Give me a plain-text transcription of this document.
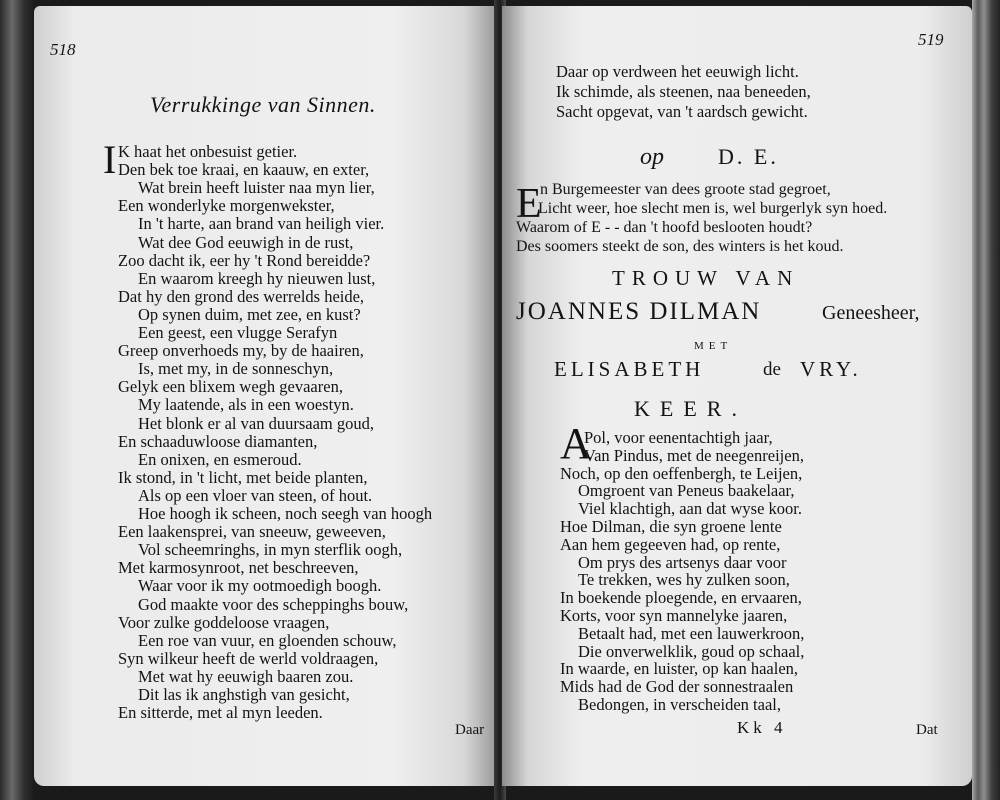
518
Verrukkinge van Sinnen.
I K haat het onbesuist getier.
Den bek toe kraai, en kaauw, en exter,
Wat brein heeft luister naa myn lier,
Een wonderlyke morgenwekster,
In 't harte, aan brand van heiligh vier.
Wat dee God eeuwigh in de rust,
Zoo dacht ik, eer hy 't Rond bereidde?
En waarom kreegh hy nieuwen lust,
Dat hy den grond des werrelds heide,
Op synen duim, met zee, en kust?
Een geest, een vlugge Serafyn
Greep onverhoeds my, by de haairen,
Is, met my, in de sonneschyn,
Gelyk een blixem wegh gevaaren,
My laatende, als in een woestyn.
Het blonk er al van duursaam goud,
En schaaduwloose diamanten,
En onixen, en esmeroud.
Ik stond, in 't licht, met beide planten,
Als op een vloer van steen, of hout.
Hoe hoogh ik scheen, noch seegh van hoogh
Een laakensprei, van sneeuw, geweeven,
Vol scheemringhs, in myn sterflik oogh,
Met karmosynroot, net beschreeven,
Waar voor ik my ootmoedigh boogh.
God maakte voor des scheppinghs bouw,
Voor zulke goddeloose vraagen,
Een roe van vuur, en gloenden schouw,
Syn wilkeur heeft de werld voldraagen,
Met wat hy eeuwigh baaren zou.
Dit las ik anghstigh van gesicht,
En sitterde, met al myn leeden.
Daar
519
Daar op verdween het eeuwigh licht.
Ik schimde, als steenen, naa beneeden,
Sacht opgevat, van 't aardsch gewicht.
op D. E.
E
n Burgemeester van dees groote stad gegroet,
Licht weer, hoe slecht men is, wel burgerlyk syn hoed.
Waarom of E - - dan 't hoofd beslooten houdt?
Des soomers steekt de son, des winters is het koud.
TROUW VAN
JOANNES DILMAN	Geneesheer,
MET
ELISABETH	de VRY.
KEER.
A
Pol, voor eenentachtigh jaar,
Van Pindus, met de neegenreijen,
Noch, op den oeffenbergh, te Leijen,
Omgroent van Peneus baakelaar,
Viel klachtigh, aan dat wyse koor.
Hoe Dilman, die syn groene lente
Aan hem gegeeven had, op rente,
Om prys des artsenys daar voor
Te trekken, wes hy zulken soon,
In boekende ploegende, en ervaaren,
Korts, voor syn mannelyke jaaren,
Betaalt had, met een lauwerkroon,
Die onverwelklik, goud op schaal,
In waarde, en luister, op kan haalen,
Mids had de God der sonnestraalen
Bedongen, in verscheiden taal,
Kk 4	Dat
